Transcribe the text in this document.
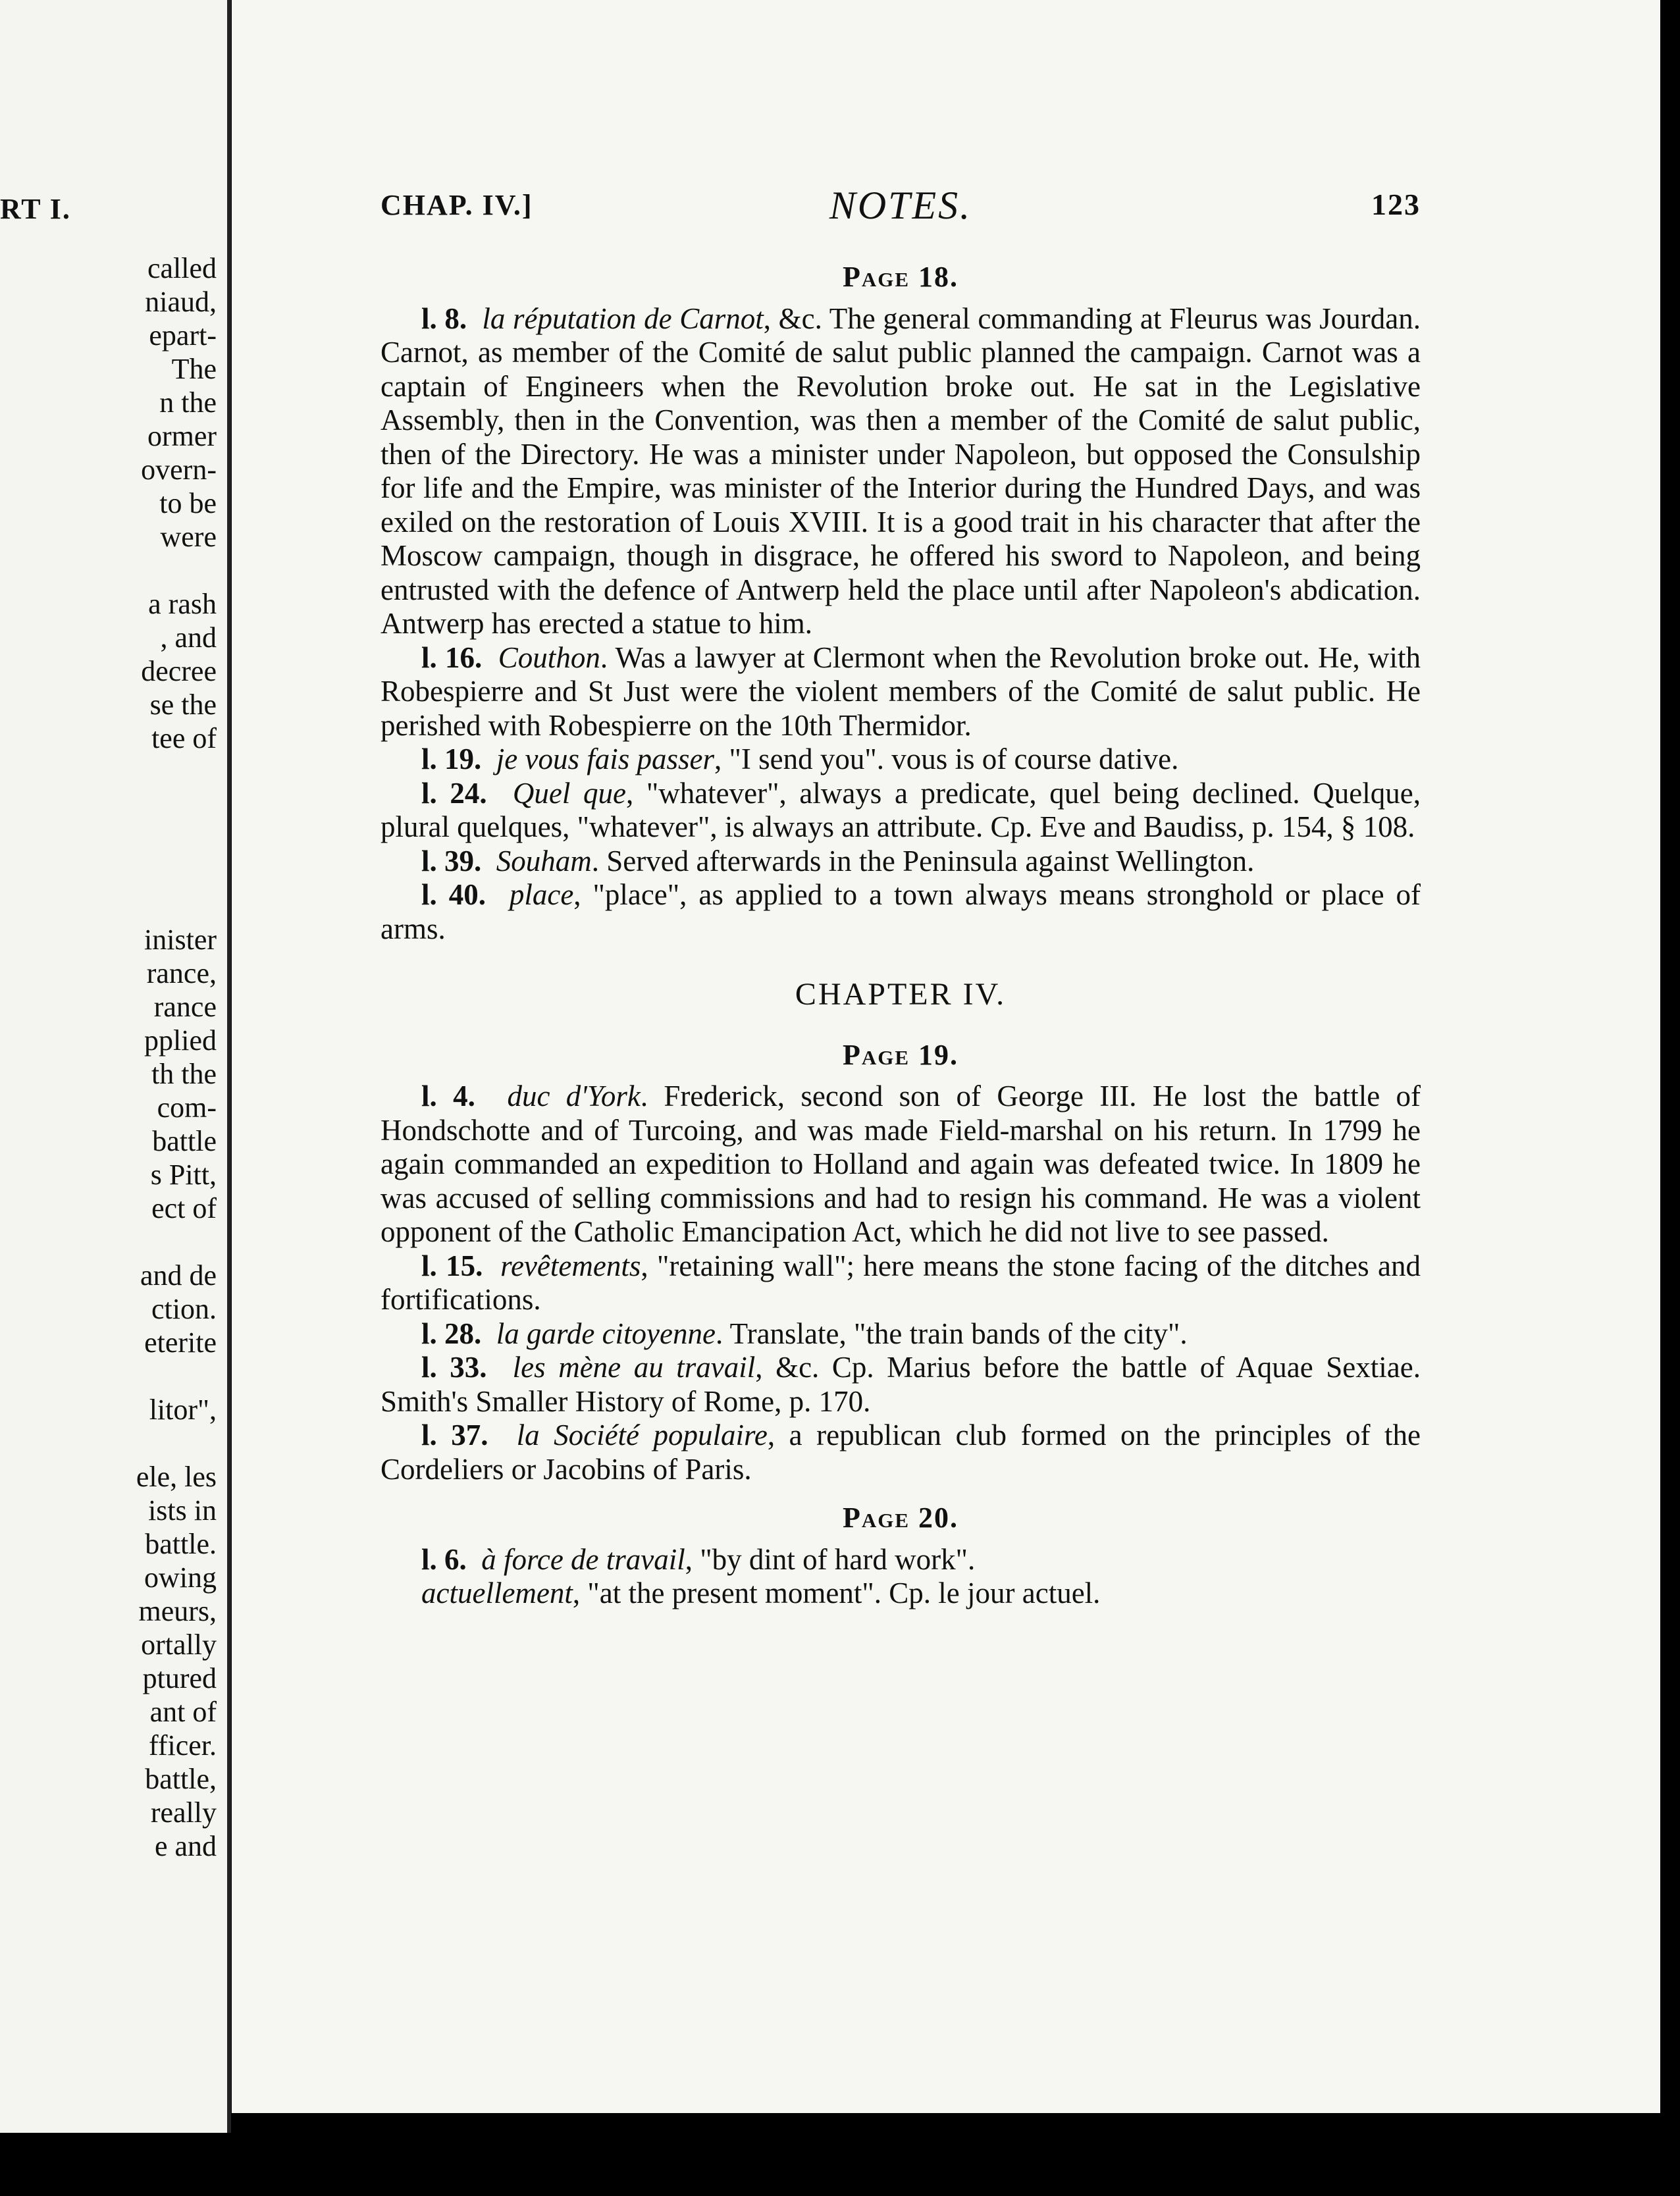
RT I.
called
niaud,
epart-
The
n the
ormer
overn-
to be
were
a rash
, and
decree
se the
tee of
inister
rance,
rance
pplied
th the
com-
battle
s Pitt,
ect of
and de
ction.
eterite
litor",
ele, les
ists in
battle.
owing
meurs,
ortally
ptured
ant of
fficer.
battle,
really
e and
CHAP. IV.]	NOTES.	123
Page 18.

l. 8. la réputation de Carnot, &c. The general commanding at Fleurus was Jourdan. Carnot, as member of the Comité de salut public planned the campaign. Carnot was a captain of Engineers when the Revolution broke out. He sat in the Legislative Assembly, then in the Convention, was then a member of the Comité de salut public, then of the Directory. He was a minister under Napoleon, but opposed the Consulship for life and the Empire, was minister of the Interior during the Hundred Days, and was exiled on the restoration of Louis XVIII. It is a good trait in his character that after the Moscow campaign, though in disgrace, he offered his sword to Napoleon, and being entrusted with the defence of Antwerp held the place until after Napoleon's abdication. Antwerp has erected a statue to him.

l. 16. Couthon. Was a lawyer at Clermont when the Revolution broke out. He, with Robespierre and St Just were the violent members of the Comité de salut public. He perished with Robespierre on the 10th Thermidor.

l. 19. je vous fais passer, "I send you". vous is of course dative.

l. 24. Quel que, "whatever", always a predicate, quel being declined. Quelque, plural quelques, "whatever", is always an attribute. Cp. Eve and Baudiss, p. 154, § 108.

l. 39. Souham. Served afterwards in the Peninsula against Wellington.

l. 40. place, "place", as applied to a town always means stronghold or place of arms.

CHAPTER IV.
Page 19.

l. 4. duc d'York. Frederick, second son of George III. He lost the battle of Hondschotte and of Turcoing, and was made Field-marshal on his return. In 1799 he again commanded an expedition to Holland and again was defeated twice. In 1809 he was accused of selling commissions and had to resign his command. He was a violent opponent of the Catholic Emancipation Act, which he did not live to see passed.

l. 15. revêtements, "retaining wall"; here means the stone facing of the ditches and fortifications.

l. 28. la garde citoyenne. Translate, "the train bands of the city".

l. 33. les mène au travail, &c. Cp. Marius before the battle of Aquae Sextiae. Smith's Smaller History of Rome, p. 170.

l. 37. la Société populaire, a republican club formed on the principles of the Cordeliers or Jacobins of Paris.

Page 20.

l. 6. à force de travail, "by dint of hard work".

actuellement, "at the present moment". Cp. le jour actuel.
